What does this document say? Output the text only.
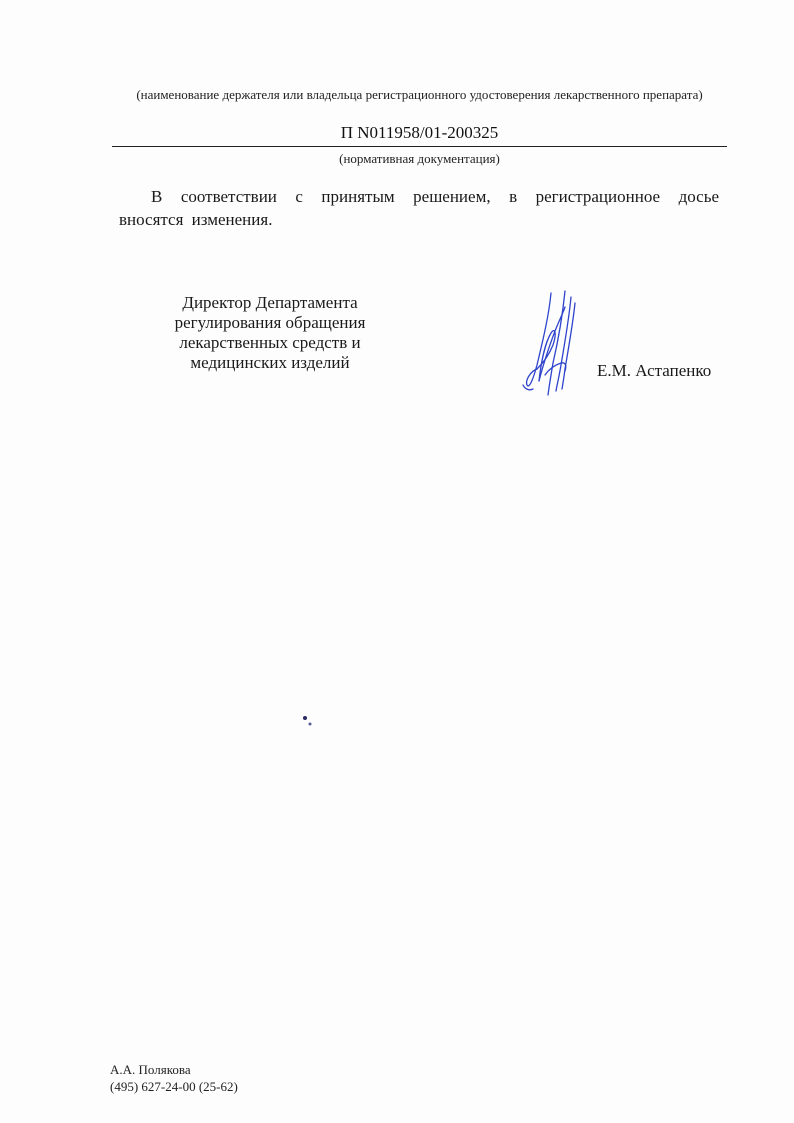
(наименование держателя или владельца регистрационного удостоверения лекарственного препарата)
П N011958/01-200325
(нормативная документация)
В соответствии с принятым решением, в регистрационное досье вносятся изменения.
Директор Департамента
регулирования обращения
лекарственных средств и
медицинских изделий	Е.М. Астапенко
А.А. Полякова
(495) 627-24-00 (25-62)
